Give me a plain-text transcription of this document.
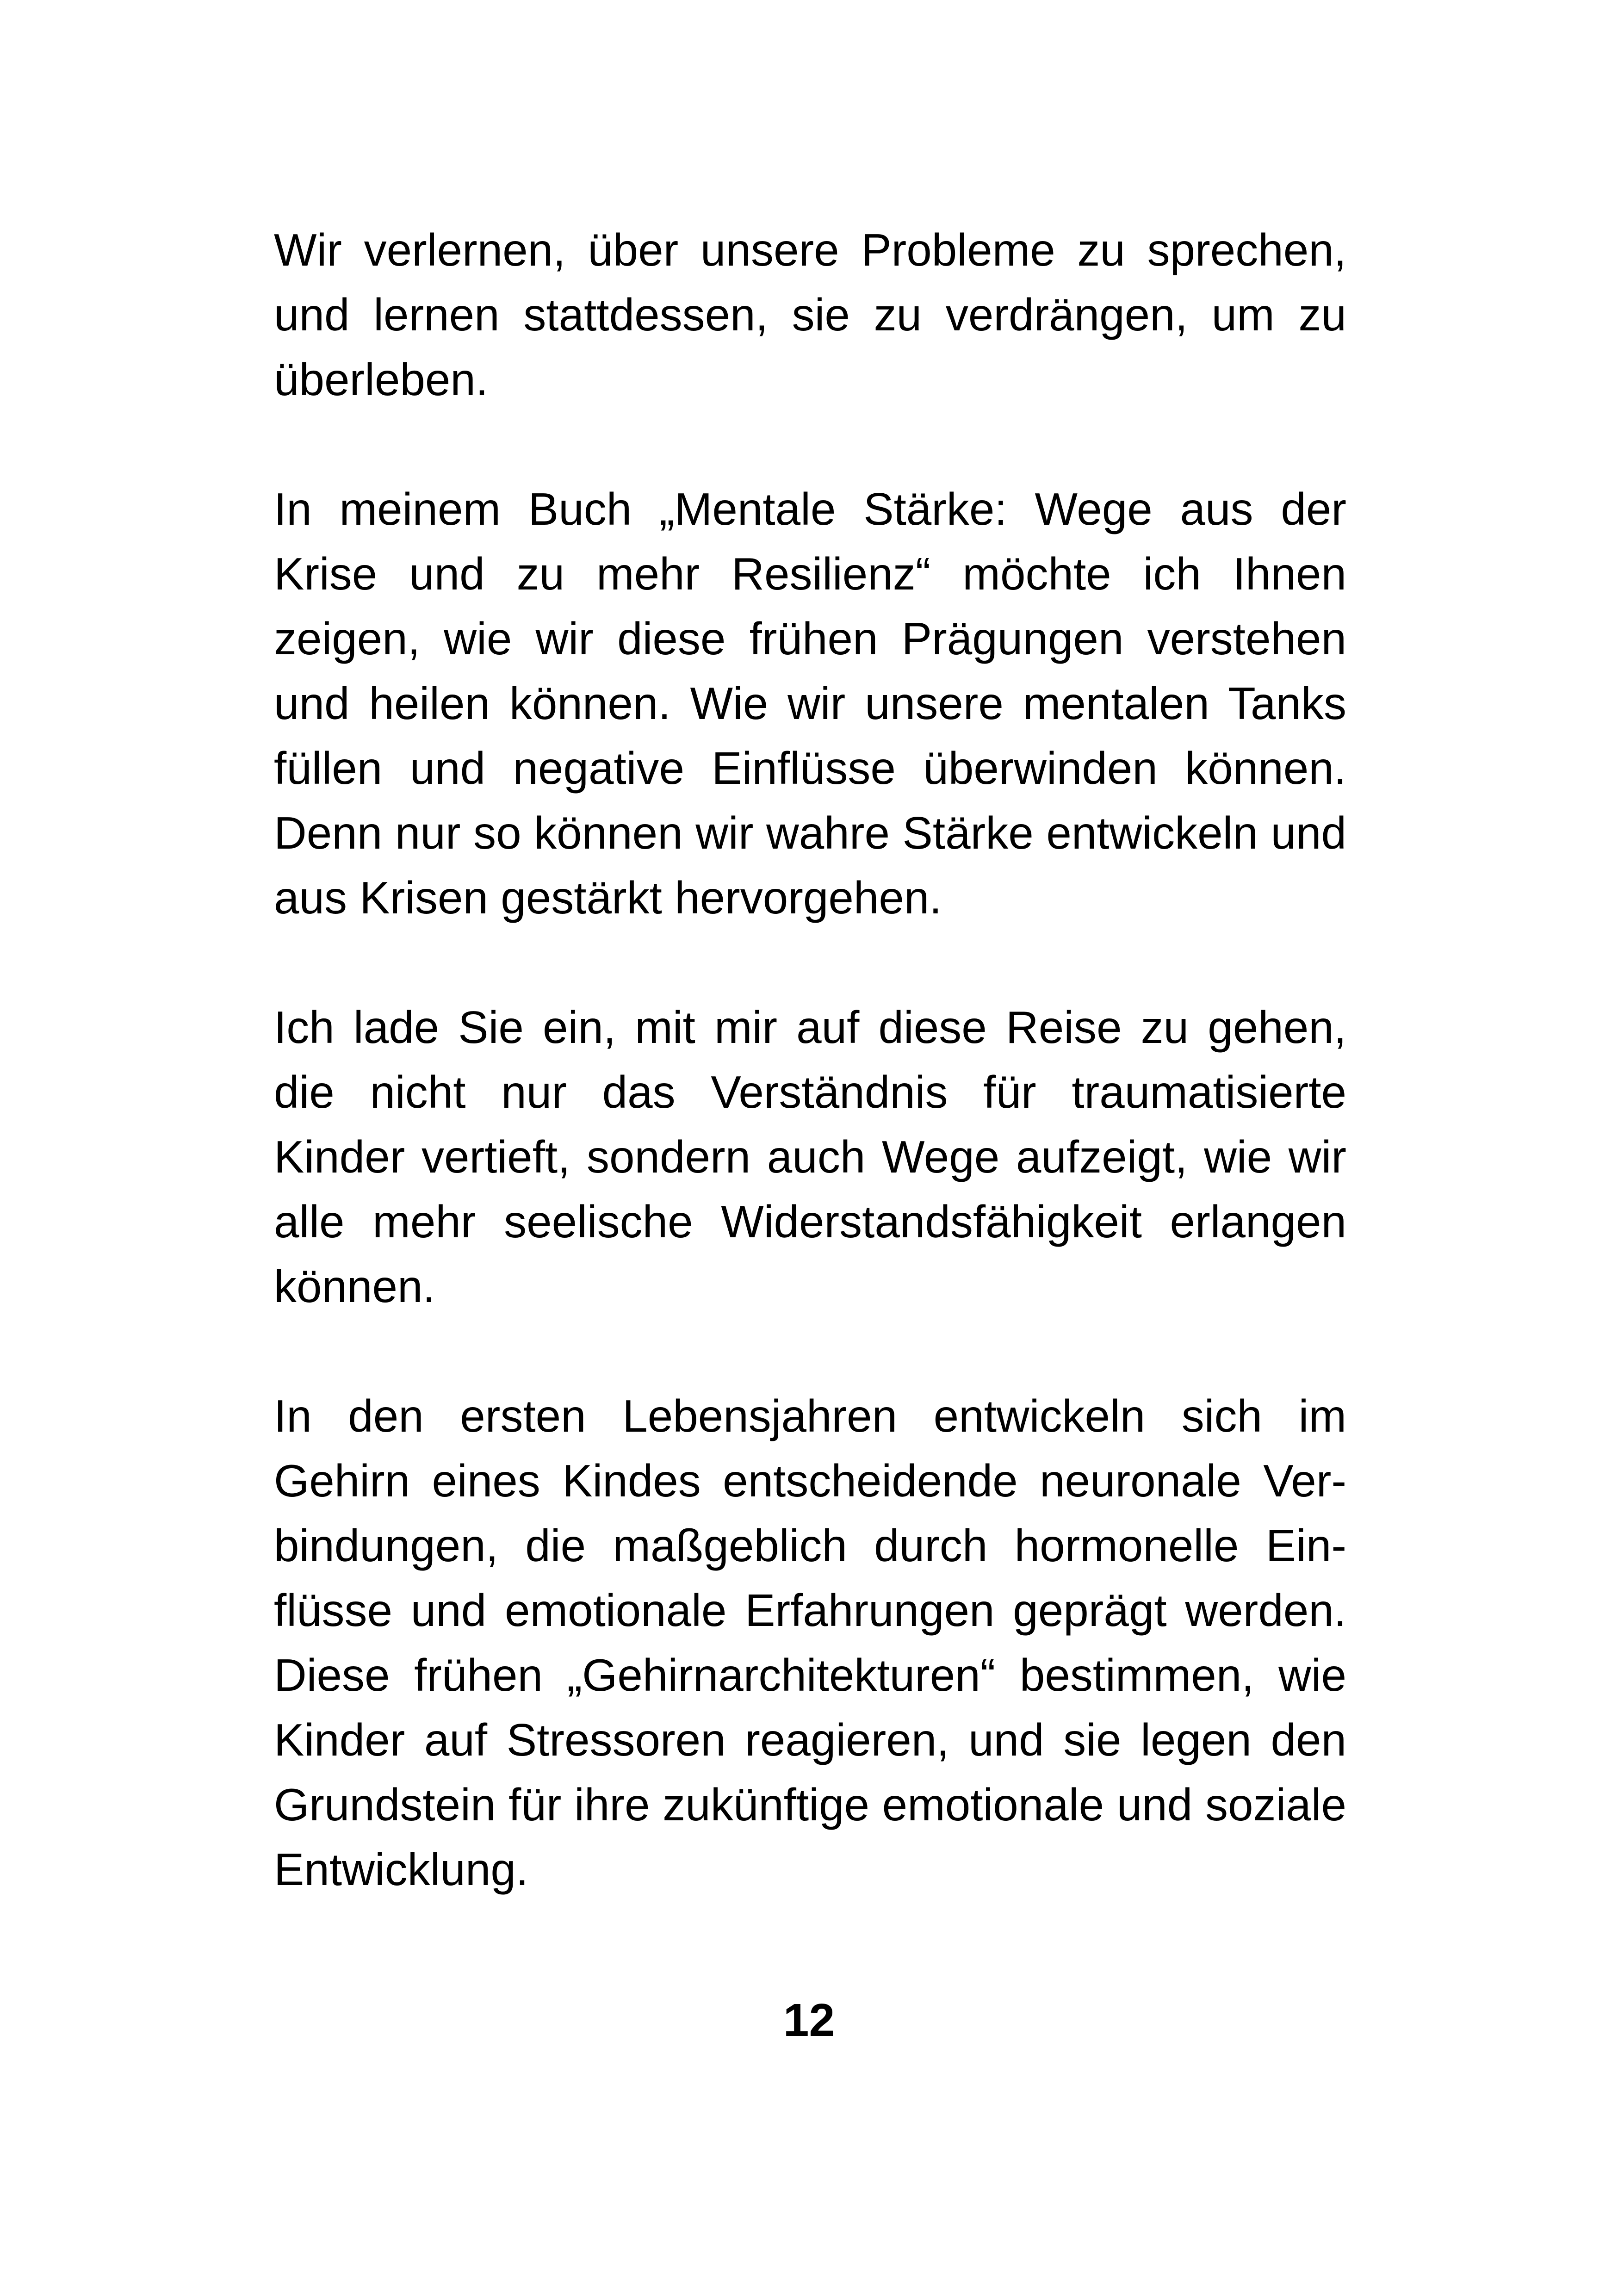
Wir verlernen, über unsere Probleme zu sprechen, und lernen stattdessen, sie zu verdrängen, um zu überleben.

In meinem Buch „Mentale Stärke: Wege aus der Krise und zu mehr Resilienz“ möchte ich Ihnen zeigen, wie wir diese frühen Prägungen verstehen und heilen können. Wie wir unsere mentalen Tanks füllen und negative Einflüsse überwinden können. Denn nur so können wir wahre Stärke entwickeln und aus Krisen gestärkt hervorgehen.

Ich lade Sie ein, mit mir auf diese Reise zu gehen, die nicht nur das Verständnis für traumatisierte Kinder vertieft, sondern auch Wege aufzeigt, wie wir alle mehr seelische Widerstandsfähigkeit erlangen können.

In den ersten Lebensjahren entwickeln sich im Gehirn eines Kindes entscheidende neuronale Verbindungen, die maßgeblich durch hormonelle Einflüsse und emotionale Erfahrungen geprägt werden. Diese frühen „Gehirnarchitekturen“ bestimmen, wie Kinder auf Stressoren reagieren, und sie legen den Grundstein für ihre zukünftige emotionale und soziale Entwicklung.

12
